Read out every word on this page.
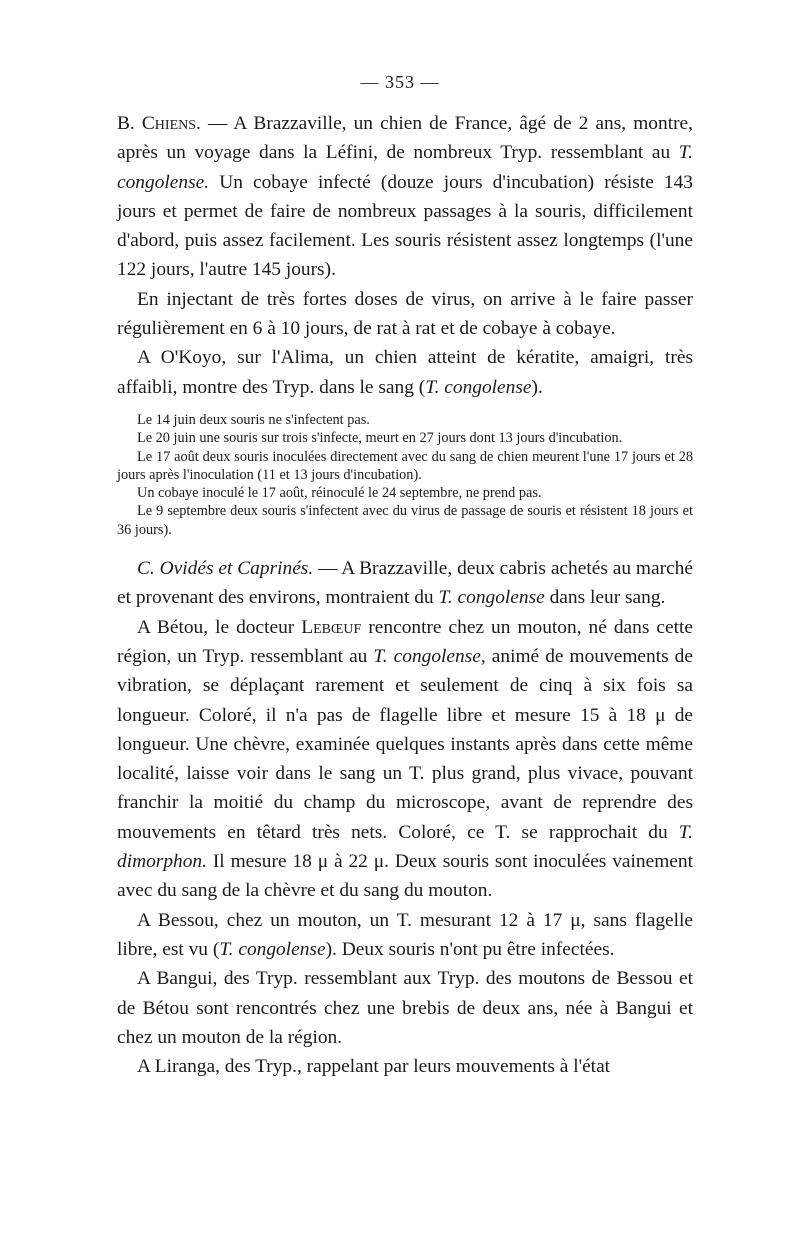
— 353 —

B. Chiens. — A Brazzaville, un chien de France, âgé de 2 ans, montre, après un voyage dans la Léfini, de nombreux Tryp. ressemblant au T. congolense. Un cobaye infecté (douze jours d'incubation) résiste 143 jours et permet de faire de nombreux passages à la souris, difficilement d'abord, puis assez facilement. Les souris résistent assez longtemps (l'une 122 jours, l'autre 145 jours).

En injectant de très fortes doses de virus, on arrive à le faire passer régulièrement en 6 à 10 jours, de rat à rat et de cobaye à cobaye.

A O'Koyo, sur l'Alima, un chien atteint de kératite, amaigri, très affaibli, montre des Tryp. dans le sang (T. congolense).

Le 14 juin deux souris ne s'infectent pas.

Le 20 juin une souris sur trois s'infecte, meurt en 27 jours dont 13 jours d'incubation.

Le 17 août deux souris inoculées directement avec du sang de chien meurent l'une 17 jours et 28 jours après l'inoculation (11 et 13 jours d'incubation).

Un cobaye inoculé le 17 août, réinoculé le 24 septembre, ne prend pas.

Le 9 septembre deux souris s'infectent avec du virus de passage de souris et résistent 18 jours et 36 jours).

C. Ovidés et Caprinés. — A Brazzaville, deux cabris achetés au marché et provenant des environs, montraient du T. congolense dans leur sang.

A Bétou, le docteur Lebœuf rencontre chez un mouton, né dans cette région, un Tryp. ressemblant au T. congolense, animé de mouvements de vibration, se déplaçant rarement et seulement de cinq à six fois sa longueur. Coloré, il n'a pas de flagelle libre et mesure 15 à 18 μ de longueur. Une chèvre, examinée quelques instants après dans cette même localité, laisse voir dans le sang un T. plus grand, plus vivace, pouvant franchir la moitié du champ du microscope, avant de reprendre des mouvements en têtard très nets. Coloré, ce T. se rapprochait du T. dimorphon. Il mesure 18 μ à 22 μ. Deux souris sont inoculées vainement avec du sang de la chèvre et du sang du mouton.

A Bessou, chez un mouton, un T. mesurant 12 à 17 μ, sans flagelle libre, est vu (T. congolense). Deux souris n'ont pu être infectées.

A Bangui, des Tryp. ressemblant aux Tryp. des moutons de Bessou et de Bétou sont rencontrés chez une brebis de deux ans, née à Bangui et chez un mouton de la région.

A Liranga, des Tryp., rappelant par leurs mouvements à l'état
